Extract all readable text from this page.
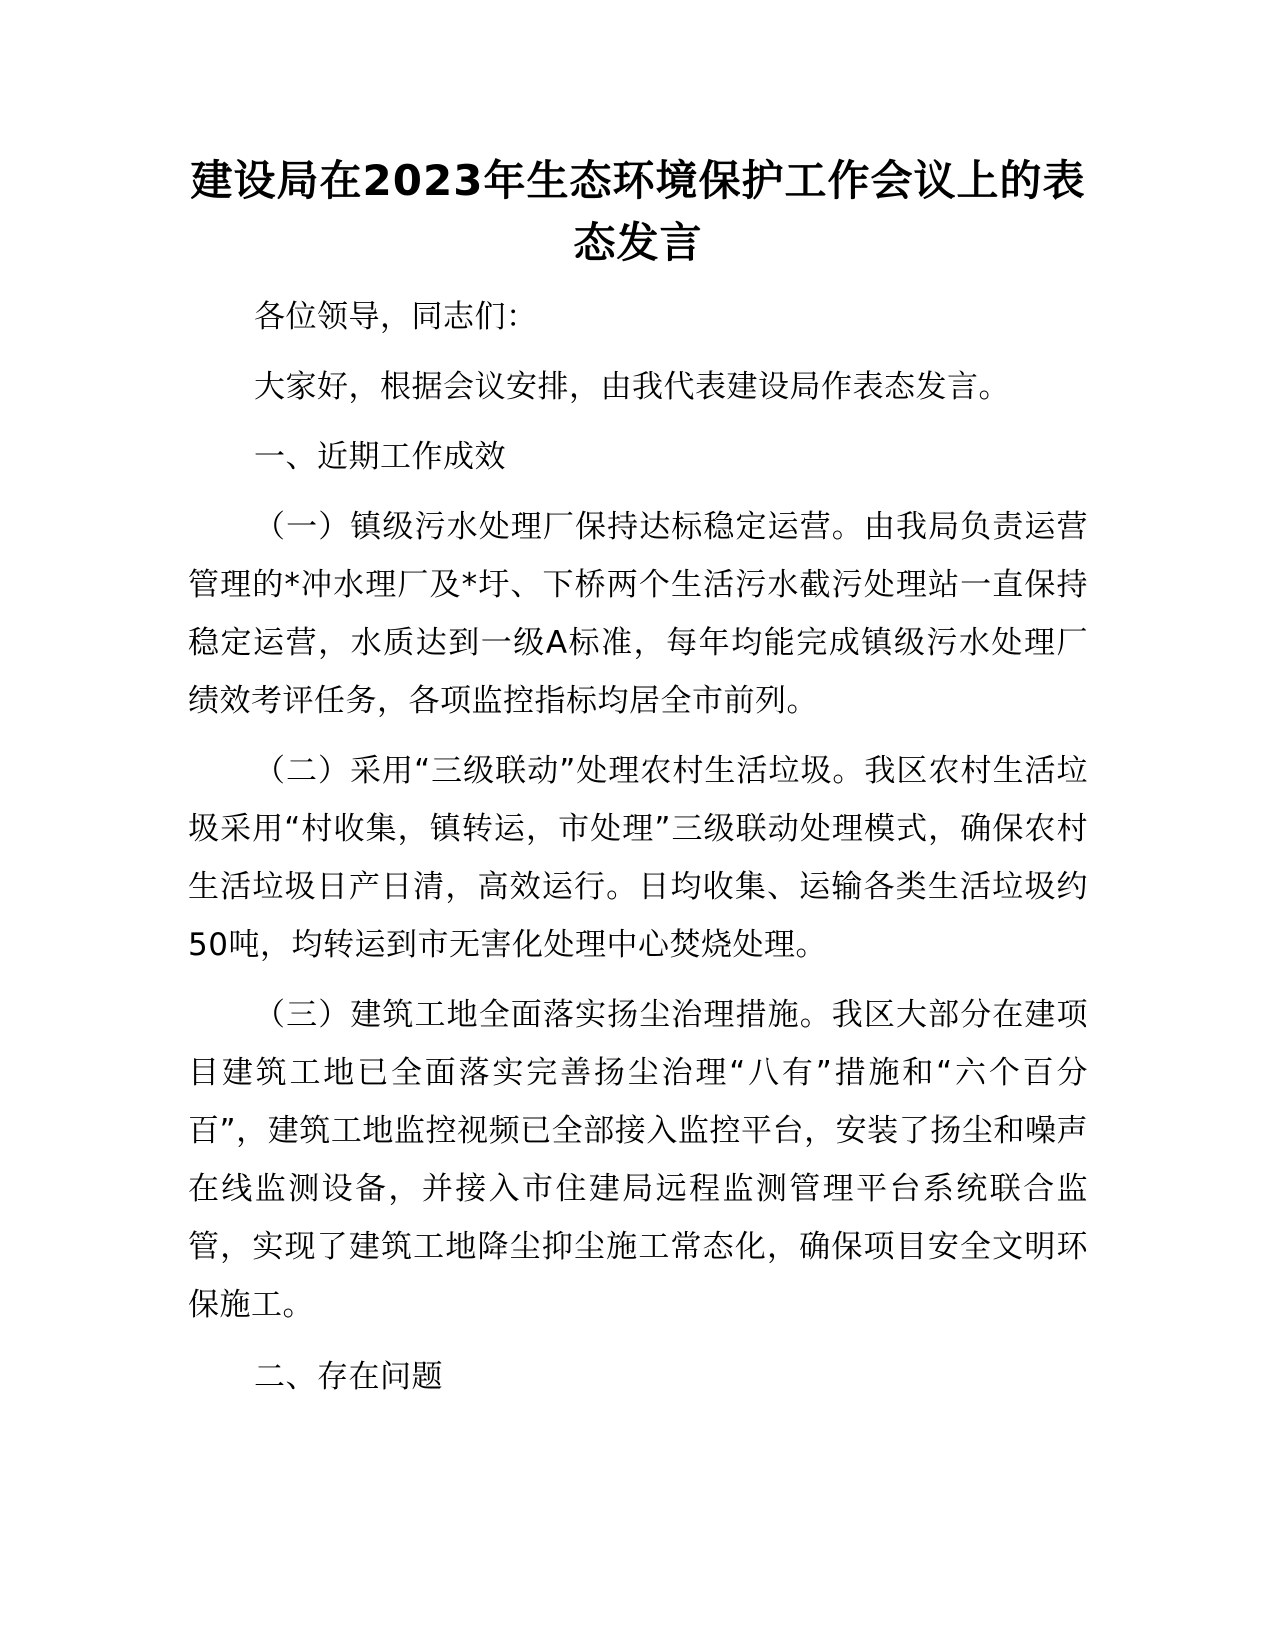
建设局在2023年生态环境保护工作会议上的表态发言

各位领导，同志们：

大家好，根据会议安排，由我代表建设局作表态发言。

一、近期工作成效

（一）镇级污水处理厂保持达标稳定运营。由我局负责运营管理的*冲水理厂及*圩、下桥两个生活污水截污处理站一直保持稳定运营，水质达到一级A标准，每年均能完成镇级污水处理厂绩效考评任务，各项监控指标均居全市前列。

（二）采用“三级联动”处理农村生活垃圾。我区农村生活垃圾采用“村收集，镇转运，市处理”三级联动处理模式，确保农村生活垃圾日产日清，高效运行。日均收集、运输各类生活垃圾约50吨，均转运到市无害化处理中心焚烧处理。

（三）建筑工地全面落实扬尘治理措施。我区大部分在建项目建筑工地已全面落实完善扬尘治理“八有”措施和“六个百分百”，建筑工地监控视频已全部接入监控平台，安装了扬尘和噪声在线监测设备，并接入市住建局远程监测管理平台系统联合监管，实现了建筑工地降尘抑尘施工常态化，确保项目安全文明环保施工。

二、存在问题
